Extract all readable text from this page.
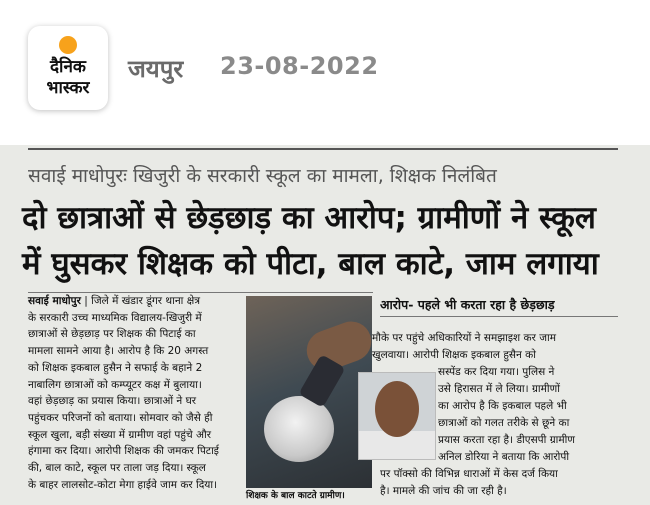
दैनिक
भास्कर
जयपुर 23-08-2022
सवाई माधोपुरः खिजुरी के सरकारी स्कूल का मामला, शिक्षक निलंबित
दो छात्राओं से छेड़छाड़ का आरोप; ग्रामीणों ने स्कूल
में घुसकर शिक्षक को पीटा, बाल काटे, जाम लगाया
सवाई माधोपुर | जिले में खंडार डूंगर थाना क्षेत्र
के सरकारी उच्च माध्यमिक विद्यालय-खिजुरी में
छात्राओं से छेड़छाड़ पर शिक्षक की पिटाई का
मामला सामने आया है। आरोप है कि 20 अगस्त
को शिक्षक इकबाल हुसैन ने सफाई के बहाने 2
नाबालिग छात्राओं को कम्प्यूटर कक्ष में बुलाया।
वहां छेड़छाड़ का प्रयास किया। छात्राओं ने घर
पहुंचकर परिजनों को बताया। सोमवार को जैसे ही
स्कूल खुला, बड़ी संख्या में ग्रामीण वहां पहुंचे और
हंगामा कर दिया। आरोपी शिक्षक की जमकर पिटाई
की, बाल काटे, स्कूल पर ताला जड़ दिया। स्कूल
के बाहर लालसोट-कोटा मेगा हाईवे जाम कर दिया।
शिक्षक के बाल काटते ग्रामीण।
आरोप- पहले भी करता रहा है छेड़छाड़
मौके पर पहुंचे अधिकारियों ने समझाइश कर जाम
खुलवाया। आरोपी शिक्षक इकबाल हुसैन को
सस्पेंड कर दिया गया। पुलिस ने
उसे हिरासत में ले लिया। ग्रामीणों
का आरोप है कि इकबाल पहले भी
छात्राओं को गलत तरीके से छूने का
प्रयास करता रहा है। डीएसपी ग्रामीण
अनिल डोरिया ने बताया कि आरोपी
पर पॉक्सो की विभिन्न धाराओं में केस दर्ज किया
है। मामले की जांच की जा रही है।
